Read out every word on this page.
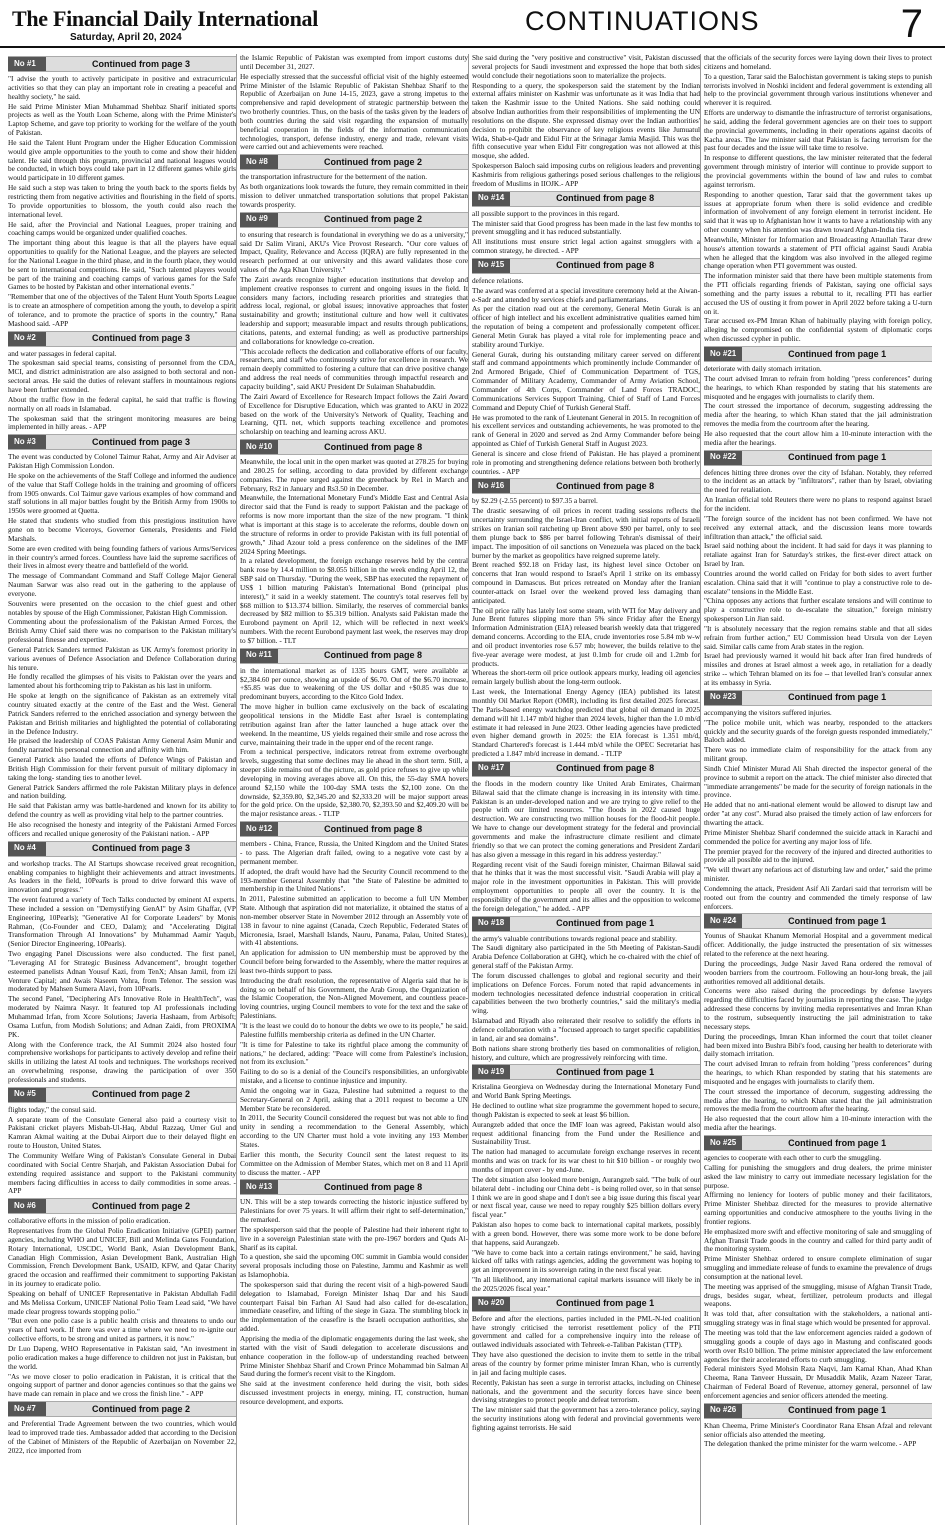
The Financial Daily International
Saturday, April 20, 2024
CONTINUATIONS	7
No #1	Continued from page 3

"I advise the youth to actively participate in positive and extracurricular activities so that they can play an important role in creating a peaceful and healthy society," he said.

He said Prime Minister Mian Muhammad Shehbaz Sharif initiated sports projects as well as the Youth Loan Scheme, along with the Prime Minister's Laptop Scheme, and gave top priority to working for the welfare of the youth of Pakistan.

He said the Talent Hunt Program under the Higher Education Commission would give ample opportunities to the youth to come and show their hidden talent. He said through this program, provincial and national leagues would be conducted, in which boys could take part in 12 different games while girls would participate in 10 different games.

He said such a step was taken to bring the youth back to the sports fields by restricting them from negative activities and flourishing in the field of sports. To provide opportunities to blossom, the youth could also reach the international level.

He said, after the Provincial and National Leagues, proper training and coaching camps would be organized under qualified coaches.

The important thing about this league is that all the players have equal opportunities to qualify for the National League, and the players are selected for the National League in the third phase, and in the fourth place, they would be sent to international competitions. He said, "Such talented players would be part of the training and coaching camps of various games for the Safe Games to be hosted by Pakistan and other international events."

"Remember that one of the objectives of the Talent Hunt Youth Sports League is to create an atmosphere of competition among the youth, to develop a spirit of tolerance, and to promote the practice of sports in the country," Rana Mashood said. -APP

No #2	Continued from page 3

and water passages in federal capital.

The spokesman said special teams, consisting of personnel from the CDA, MCI, and district administration are also assigned to both sectoral and non-sectoral areas. He said the duties of relevant staffers in mountainous regions have been further extended.

About the traffic flow in the federal capital, he said that traffic is flowing normally on all roads in Islamabad.

The spokesman said that the stringent monitoring measures are being implemented in hilly areas. - APP

No #3	Continued from page 3

The event was conducted by Colonel Taimur Rahat, Army and Air Adviser at Pakistan High Commission London.

He spoke on the achievements of the Staff College and informed the audience of the value that Staff College holds in the training and grooming of officers from 1905 onwards. Col Taimur gave various examples of how command and staff solutions in all major battles fought by the British Army from 1900s to 1950s were groomed at Quetta.

He stated that students who studied from this prestigious institution have gone on to become Viceroys, Governor Generals, Presidents and Field Marshals.

Some are even credited with being founding fathers of various Arms/Services in their country's armed forces. Countless have laid the supreme sacrifices of their lives in almost every theatre and battlefield of the world.

The message of Commandant Command and Staff College Major General Nauman Sarwar was also read out in the gathering to the applause of everyone.

Souvenirs were presented on the occasion to the chief guest and other notables by spouse of the High Commissioner, Pakistan High Commission.

Commenting about the professionalism of the Pakistan Armed Forces, the British Army Chief said there was no comparison to the Pakistan military's professional finesse and expertise.

General Patrick Sanders termed Pakistan as UK Army's foremost priority in various avenues of Defence Association and Defence Collaboration during his tenure.

He fondly recalled the glimpses of his visits to Pakistan over the years and lamented about his forthcoming trip to Pakistan as his last in uniform.

He spoke at length on the significance of Pakistan as an extremely vital country situated exactly at the centre of the East and the West. General Patrick Sanders referred to the enriched association and synergy between the Pakistan and British militaries and highlighted the potential of collaborating in the Defence Industry.

He praised the leadership of COAS Pakistan Army General Asim Munir and fondly narrated his personal connection and affinity with him.

General Patrick also lauded the efforts of Defence Wings of Pakistan and British High Commission for their fervent pursuit of military diplomacy in taking the long- standing ties to another level.

General Patrick Sanders affirmed the role Pakistan Military plays in defence and nation building.

He said that Pakistan army was battle-hardened and known for its ability to defend the country as well as providing vital help to the partner countries.

He also recognised the honesty and integrity of the Pakistani Armed Forces officers and recalled unique generosity of the Pakistani nation. - APP

No #4	Continued from page 3

and workshop tracks. The AI Startups showcase received great recognition, enabling companies to highlight their achievements and attract investments. As leaders in the field, 10Pearls is proud to drive forward this wave of innovation and progress."

The event featured a variety of Tech Talks conducted by eminent AI experts. These included a session on "Demystifying GenAI" by Asim Ghaffar, (VP Engineering, 10Pearls); "Generative AI for Corporate Leaders" by Monis Rahman, (Co-Founder and CEO, Dalam); and "Accelerating Digital Transformation Through AI Innovations" by Muhammad Aamir Yaqub, (Senior Director Engineering, 10Pearls).

Two engaging Panel Discussions were also conducted. The first panel, "Leveraging AI for Strategic Business Advancement", brought together esteemed panelists Adnan Yousuf Kazi, from TenX; Ahsan Jamil, from i2i Venture Capital; and Awais Naseem Vohra, from Telenor. The session was moderated by Mahsen Sumera Alavi, from 10Pearls.

The second Panel, "Deciphering AI's Innovative Role in HealthTech", was moderated by Naimra Nasyr. It featured top AI professionals including Muhammad Irfan, from Xcore Solutions; Javeria Hashaam, from Arbisoft; Osama Lutfun, from Modish Solutions; and Adnan Zaidi, from PROXIMA PK.

Along with the Conference track, the AI Summit 2024 also hosted four comprehensive workshops for participants to actively develop and refine their skills in utilizing the latest AI tools and techniques. The workshops received an overwhelming response, drawing the participation of over 350 professionals and students.

No #5	Continued from page 2

flights today," the consul said.

A separate team of the Consulate General also paid a courtesy visit to Pakistani cricket players Misbah-Ul-Haq, Abdul Razzaq, Umer Gul and Kamran Akmal waiting at the Dubai Airport due to their delayed flight en route to Houston, United States.

The Community Welfare Wing of Pakistan's Consulate General in Dubai coordinated with Social Centre Sharjah, and Pakistan Association Dubai for extending required assistance and support to the Pakistani community members facing difficulties in access to daily commodities in some areas. - APP

No #6	Continued from page 2

collaborative efforts in the mission of polio eradication.

Representatives from the Global Polio Eradication Initiative (GPEI) partner agencies, including WHO and UNICEF, Bill and Melinda Gates Foundation, Rotary International, USCDC, World Bank, Asian Development Bank, Canadian High Commission, Asian Development Bank, Australian High Commission, French Development Bank, USAID, KFW, and Qatar Charity graced the occasion and reaffirmed their commitment to supporting Pakistan in its journey to eradicate polio.

Speaking on behalf of UNICEF Representative in Pakistan Abdullah Fadil and Ms Melissa Corkum, UNICEF National Polio Team Lead said, "We have made clear progress towards stopping polio."

"But even one polio case is a public health crisis and threatens to undo our years of hard work. If there was ever a time where we need to re-ignite our collective efforts, to be strong and united as partners, it is now."

Dr Luo Dapeng, WHO Representative in Pakistan said, "An investment in polio eradication makes a huge difference to children not just in Pakistan, but the world.

"As we move closer to polio eradication in Pakistan, it is critical that the ongoing support of partner and donor agencies continues so that the gains we have made can remain in place and we cross the finish line." - APP

No #7	Continued from page 2

and Preferential Trade Agreement between the two countries, which would lead to improved trade ties. Ambassador added that according to the Decision of the Cabinet of Ministers of the Republic of Azerbaijan on November 22, 2022, rice imported from

the Islamic Republic of Pakistan was exempted from import customs duty until December 31, 2027.

He especially stressed that the successful official visit of the highly esteemed Prime Minister of the Islamic Republic of Pakistan Shehbaz Sharif to the Republic of Azerbaijan on June 14-15, 2023, gave a strong impetus to the comprehensive and rapid development of strategic partnership between the two brotherly countries. Thus, on the basis of the tasks given by the leaders of both countries during the said visit regarding the expansion of mutually beneficial cooperation in the fields of the information communication technologies, transport, defense industry, energy and trade, relevant visits were carried out and achievements were reached.

No #8	Continued from page 2

the transportation infrastructure for the betterment of the nation.

As both organizations look towards the future, they remain committed in their mission to deliver unmatched transportation solutions that propel Pakistan towards prosperity.

No #9	Continued from page 2

to ensuring that research is foundational in everything we do as a university," said Dr Salim Virani, AKU's Vice Provost Research. "Our core values of Impact, Quality, Relevance and Access (IQRA) are fully represented in the research performed at our university and this award validates those core values of the Aga Khan University."

The Zairi awards recognize higher education institutions that develop and implement creative responses to current and ongoing issues in the field. It considers many factors, including research priorities and strategies that address local, regional, or global issues; innovative approaches that foster sustainability and growth; institutional culture and how well it cultivates leadership and support; measurable impact and results through publications, citations, patents, and external funding; as well as productive partnerships and collaborations for knowledge co-creation.

"This accolade reflects the dedication and collaborative efforts of our faculty, researchers, and staff who continuously strive for excellence in research. We remain deeply committed to fostering a culture that can drive positive change and address the real needs of communities through impactful research and capacity building", said AKU President Dr Sulaiman Shahabuddin.

The Zairi Award of Excellence for Research Impact follows the Zairi Award of Excellence for Disruptive Education, which was granted to AKU in 2022 based on the work of the University's Network of Quality, Teaching and Learning, QTL net, which supports teaching excellence and promotes scholarship on teaching and learning across AKU.

No #10	Continued from page 8

Meanwhile, the local unit in the open market was quoted at 278.25 for buying and 280.25 for selling, according to data provided by different exchange companies. The rupee surged against the greenback by Re1 in March and February, Rs2 in January and Rs3.50 in December.

Meanwhile, the International Monetary Fund's Middle East and Central Asia director said that the Fund is ready to support Pakistan and the package of reforms is now more important than the size of the new program. "I think what is important at this stage is to accelerate the reforms, double down on the structure of reforms in order to provide Pakistan with its full potential of growth," Jihad Azour told a press conference on the sidelines of the IMF 2024 Spring Meetings.

In a related development, the foreign exchange reserves held by the central bank rose by 14.4 million to $8.055 billion in the week ending April 12, the SBP said on Thursday. "During the week, SBP has executed the repayment of US$ 1 billion maturing Pakistan's International Bond (principal plus interest)," it said in a weekly statement. The country's total reserves fell by $68 million to $13.374 billion. Similarly, the reserves of commercial banks decreased by $82 million to $5.319 billion. Analysts said Pakistan made the Eurobond payment on April 12, which will be reflected in next week's numbers. With the recent Eurobond payment last week, the reserves may drop to $7 billion. - TLT

No #11	Continued from page 8

in the international market as of 1335 hours GMT, were available at $2,384.60 per ounce, showing an upside of $6.70. Out of the $6.70 increase, +$5.85 was due to weakening of the US dollar and +$0.85 was due to predominant buyers, according to the Kitco Gold Index.

The move higher in bullion came exclusively on the back of escalating geopolitical tensions in the Middle East after Israel is contemplating retribution against Iran after the latter launched a huge attack over the weekend. In the meantime, US yields regained their smile and rose across the curve, maintaining their trade in the upper end of the recent range.

From a technical perspective, indicators retreat from extreme overbought levels, suggesting that some declines may lie ahead in the short term. Still, a steeper slide remains out of the picture, as gold price refuses to give up while developing in moving averages above all. On this, the 55-day SMA hovers around $2,150 while the 100-day SMA tests the $2,100 zone. On the downside, $2,359.80, $2,345.20 and $2,333.20 will be major support areas for the gold price. On the upside, $2,380.70, $2,393.50 and $2,409.20 will be the major resistance areas. - TLTP

No #12	Continued from page 8

members - China, France, Russia, the United Kingdom and the United States - to pass. The Algerian draft failed, owing to a negative vote cast by a permanent member.

If adopted, the draft would have had the Security Council recommend to the 193-member General Assembly that "the State of Palestine be admitted to membership in the United Nations".

In 2011, Palestine submitted an application to become a full UN Member State. Although that aspiration did not materialize, it obtained the status of a non-member observer State in November 2012 through an Assembly vote of 138 in favour to nine against (Canada, Czech Republic, Federated States of Micronesia, Israel, Marshall Islands, Nauru, Panama, Palau, United States), with 41 abstentions.

An application for admission to UN membership must be approved by the Council before being forwarded to the Assembly, where the matter requires at least two-thirds support to pass.

Introducing the draft resolution, the representative of Algeria said that he is doing so on behalf of his Government, the Arab Group, the Organization of the Islamic Cooperation, the Non-Aligned Movement, and countless peace-loving countries, urging Council members to vote for the text and the sake of Palestinians.

"It is the least we could do to honour the debts we owe to its people," he said. Palestine fulfills membership criteria as defined in the UN Charter.

"It is time for Palestine to take its rightful place among the community of nations," he declared, adding: "Peace will come from Palestine's inclusion, not from its exclusion."

Failing to do so is a denial of the Council's responsibilities, an unforgivable mistake, and a license to continue injustice and impunity.

Amid the ongoing war in Gaza, Palestine had submitted a request to the Secretary-General on 2 April, asking that a 2011 request to become a UN Member State be reconsidered.

In 2011, the Security Council considered the request but was not able to find unity in sending a recommendation to the General Assembly, which according to the UN Charter must hold a vote inviting any 193 Member States.

Earlier this month, the Security Council sent the latest request to its Committee on the Admission of Member States, which met on 8 and 11 April to discuss the matter. - APP

No #13	Continued from page 8

UN. This will be a step towards correcting the historic injustice suffered by Palestinians for over 75 years. It will affirm their right to self-determination," the remarked.

The spokesperson said that the people of Palestine had their inherent right to live in a sovereign Palestinian state with the pre-1967 borders and Quds Al-Sharif as its capital.

To a question, she said the upcoming OIC summit in Gambia would consider several proposals including those on Palestine, Jammu and Kashmir as well as Islamophobia.

The spokesperson said that during the recent visit of a high-powered Saudi delegation to Islamabad, Foreign Minister Ishaq Dar and his Saudi counterpart Faisal bin Farhan Al Saud had also called for de-escalation, immediate ceasefire, and lifting of the siege in Gaza. The stumbling block in the implementation of the ceasefire is the Israeli occupation authorities, she added.

Apprising the media of the diplomatic engagements during the last week, she started with the visit of Saudi delegation to accelerate discussions and enhance cooperation in the follow-up of understanding reached between Prime Minister Shehbaz Sharif and Crown Prince Mohammad bin Salman Al Saud during the former's recent visit to the Kingdom.

She said at the investment conference held during the visit, both sides discussed investment projects in energy, mining, IT, construction, human resource development, and exports.

She said during the "very positive and constructive" visit, Pakistan discussed several projects for Saudi investment and expressed the hope that both sides would conclude their negotiations soon to materialize the projects.

Responding to a query, the spokesperson said the statement by the Indian external affairs minister on Kashmir was unfortunate as it was India that had taken the Kashmir issue to the United Nations. She said nothing could absolve Indian authorities from their responsibilities of implementing the UN resolutions on the dispute. She expressed dismay over the Indian authorities' decision to prohibit the observance of key religious events like Jumuatul Wida, Shab-e-Qadr and Eidul Fitr at the Srinagar Jamia Masjid. This was the fifth consecutive year when Eidul Fitr congregation was not allowed at this mosque, she added.

Spokesperson Baloch said imposing curbs on religious leaders and preventing Kashmiris from religious gatherings posed serious challenges to the religious freedom of Muslims in IIOJK.- APP

No #14	Continued from page 8

all possible support to the provinces in this regard.

The minister said that Good progress has been made in the last few months to prevent smuggling and it has reduced substantially.

All institutions must ensure strict legal action against smugglers with a common strategy, he directed. - APP

No #15	Continued from page 8

defence relations.

The award was conferred at a special investiture ceremony held at the Aiwan-e-Sadr and attended by services chiefs and parliamentarians.

As per the citation read out at the ceremony, General Metin Gurak is an officer of high intellect and his excellent administrative qualities earned him the reputation of being a competent and professionally competent officer. General Metin Gurak has played a vital role for implementing peace and stability around Turkiye.

General Gurak, during his outstanding military career served on different staff and command appointments which prominently include Commander of 2nd Armored Brigade, Chief of Communication Department of TGS, Commander of Military Academy, Commander of Army Aviation School, Commander of 4th Corps, Commander of Land Forces TRADOC, Communications Services Support Training, Chief of Staff of Land Forces Command and Deputy Chief of Turkish General Staff.

He was promoted to the rank of Lieutenant General in 2015. In recognition of his excellent services and outstanding achievements, he was promoted to the rank of General in 2020 and served as 2nd Army Commander before being appointed as Chief of Turkish General Staff in August 2023.

General is sincere and close friend of Pakistan. He has played a prominent role in promoting and strengthening defence relations between both brotherly countries. - APP

No #16	Continued from page 8

by $2.29 (-2.55 percent) to $97.35 a barrel.

The drastic seesawing of oil prices in recent trading sessions reflects the uncertainty surrounding the Israel-Iran conflict, with initial reports of Israeli strikes on Iranian soil ratcheting up Brent above $90 per barrel, only to see them plunge back to $86 per barrel following Tehran's dismissal of their impact. The imposition of oil sanctions on Venezuela was placed on the back burner by the market as geopolitics have reigned supreme lately.

Brent reached $92.18 on Friday last, its highest level since October on concerns that Iran would respond to Israel's April 1 strike on its embassy compound in Damascus. But prices retreated on Monday after the Iranian counter-attack on Israel over the weekend proved less damaging than anticipated.

The oil price rally has lately lost some steam, with WTI for May delivery and June Brent futures slipping more than 5% since Friday after the Energy Information Administration (EIA) released bearish weekly data that triggered demand concerns. According to the EIA, crude inventories rose 5.84 mb w-w and oil product inventories rose 6.57 mb; however, the builds relative to the five-year average were modest, at just 0.1mb for crude oil and 1.2mb for products.

Whereas the short-term oil price outlook appears murky, leading oil agencies remain largely bullish about the long-term outlook.

Last week, the International Energy Agency (IEA) published its latest monthly Oil Market Report (OMR), including its first detailed 2025 forecast. The Paris-based energy watchdog predicted that global oil demand in 2025 demand will hit 1.147 mb/d higher than 2024 levels, higher than the 1.0 mb/d estimate it had released in June 2023. Other leading agencies have predicted even higher demand growth in 2025: the EIA forecast is 1.351 mb/d, Standard Chartered's forecast is 1.444 mb/d while the OPEC Secretariat has predicted a 1.847 mb/d increase in demand. - TLTP

No #17	Continued from page 8

the floods in the modern country like United Arab Emirates, Chairman Bilawal said that the climate change is increasing in its intensity with time. Pakistan is an under-developed nation and we are trying to give relief to the people with our limited resources. "The floods in 2022 caused huge destruction. We are constructing two million houses for the flood-hit people. We have to change our development strategy for the federal and provincial governments and make the infrastructure climate resilient and climate friendly so that we can protect the coming generations and President Zardari has also given a message in this regard in his address yesterday."

Regarding recent visit of the Saudi foreign minister, Chairman Bilawal said that he thinks that it was the most successful visit. "Saudi Arabia will play a major role in the investment opportunities in Pakistan. This will provide employment opportunities to people all over the country. It is the responsibility of the government and its allies and the opposition to welcome the foreign delegation," he added. - APP

No #18	Continued from page 1

the army's valuable contributions towards regional peace and stability.

The Saudi dignitary also participated in the 5th Meeting of Pakistan-Saudi Arabia Defence Collaboration at GHQ, which he co-chaired with the chief of general staff of the Pakistan Army.

The forum discussed challenges to global and regional security and their implications on Defence Forces. Forum noted that rapid advancements in modern technologies necessitated defence industrial cooperation in critical capabilities between the two brotherly countries," said the military's media wing.

Islamabad and Riyadh also reiterated their resolve to solidify the efforts in defence collaboration with a "focused approach to target specific capabilities in land, air and sea domains".

Both nations share strong brotherly ties based on commonalities of religion, history, and culture, which are progressively reinforcing with time.

No #19	Continued from page 1

Kristalina Georgieva on Wednesday during the International Monetary Fund and World Bank Spring Meetings.

He declined to outline what size programme the government hoped to secure, though Pakistan is expected to seek at least $6 billion.

Aurangzeb added that once the IMF loan was agreed, Pakistan would also request additional financing from the Fund under the Resilience and Sustainability Trust.

The nation had managed to accumulate foreign exchange reserves in recent months and was on track for its war chest to hit $10 billion - or roughly two months of import cover - by end-June.

The debt situation also looked more benign, Aurangzeb said. "The bulk of our bilateral debt - including our China debt - is being rolled over, so in that sense I think we are in good shape and I don't see a big issue during this fiscal year or next fiscal year, cause we need to repay roughly $25 billion dollars every fiscal year."

Pakistan also hopes to come back to international capital markets, possibly with a green bond. However, there was some more work to be done before that happens, said Aurangzeb.

"We have to come back into a certain ratings environment," he said, having kicked off talks with ratings agencies, adding the government was hoping to get an improvement in its sovereign rating in the next fiscal year.

"In all likelihood, any international capital markets issuance will likely be in the 2025/2026 fiscal year."

No #20	Continued from page 1

Before and after the elections, parties included in the PML-N-led coalition have strongly criticised the terrorist resettlement policy of the PTI government and called for a comprehensive inquiry into the release of outlawed individuals associated with Tehreek-e-Taliban Pakistan (TTP).

They have also questioned the decision to invite them to settle in the tribal areas of the country by former prime minister Imran Khan, who is currently in jail and facing multiple cases.

Recently, Pakistan has seen a surge in terrorist attacks, including on Chinese nationals, and the government and the security forces have since been devising strategies to protect people and defeat terrorism.

The law minister said that the government has a zero-tolerance policy, saying the security institutions along with federal and provincial governments were fighting against terrorists. He said

that the officials of the security forces were laying down their lives to protect citizens and homeland.

To a question, Tarar said the Balochistan government is taking steps to punish terrorists involved in Noshki incident and federal government is extending all help to the provincial government through various institutions whenever and wherever it is required.

Efforts are underway to dismantle the infrastructure of terrorist organisations, he said, adding the federal government agencies are on their toes to support the provincial governments, including in their operations against dacoits of Kacha areas. The law minister said that Pakistan is facing terrorism for the past four decades and the issue will take time to resolve.

In response to different questions, the law minister reiterated that the federal government through ministry of interior will continue to provide support to the provincial governments within the bound of law and rules to combat against terrorism.

Responding to another question, Tarar said that the government takes up issues at appropriate forum when there is solid evidence and credible information of involvement of any foreign element in terrorist incident. He said that it was up to Afghanistan how it wants to have a relationship with any other country when his attention was drawn toward Afghan-India ties.

Meanwhile, Minister for Information and Broadcasting Attaullah Tarar drew house's attention towards a statement of PTI official against Saudi Arabia when he alleged that the kingdom was also involved in the alleged regime change operation when PTI government was ousted.

The information minister said that there have been multiple statements from the PTI officials regarding friends of Pakistan, saying one official says something and the party issues a rebuttal to it, recalling PTI has earlier accused the US of ousting it from power in April 2022 before taking a U-turn on it.

Tarar accused ex-PM Imran Khan of habitually playing with foreign policy, alleging he compromised on the confidential system of diplomatic corps when discussed cypher in public.

No #21	Continued from page 1

deteriorate with daily stomach irritation.

The court advised Imran to refrain from holding "press conferences" during the hearings, to which Khan responded by stating that his statements are misquoted and he engages with journalists to clarify them.

The court stressed the importance of decorum, suggesting addressing the media after the hearing, to which Khan stated that the jail administration removes the media from the courtroom after the hearing.

He also requested that the court allow him a 10-minute interaction with the media after the hearings.

No #22	Continued from page 1

defences hitting three drones over the city of Isfahan. Notably, they referred to the incident as an attack by "infiltrators", rather than by Israel, obviating the need for retaliation.

An Iranian official told Reuters there were no plans to respond against Israel for the incident.

"The foreign source of the incident has not been confirmed. We have not received any external attack, and the discussion leans more towards infiltration than attack," the official said.

Israel said nothing about the incident. It had said for days it was planning to retaliate against Iran for Saturday's strikes, the first-ever direct attack on Israel by Iran.

Countries around the world called on Friday for both sides to avert further escalation. China said that it will "continue to play a constructive role to de-escalate" tensions in the Middle East.

"China opposes any actions that further escalate tensions and will continue to play a constructive role to de-escalate the situation," foreign ministry spokesperson Lin Jian said.

"It is absolutely necessary that the region remains stable and that all sides refrain from further action," EU Commission head Ursula von der Leyen said. Similar calls came from Arab states in the region.

Israel had previously warned it would hit back after Iran fired hundreds of missiles and drones at Israel almost a week ago, in retaliation for a deadly strike -- which Tehran blamed on its foe -- that levelled Iran's consular annex at its embassy in Syria.

No #23	Continued from page 1

accompanying the visitors suffered injuries.

"The police mobile unit, which was nearby, responded to the attackers quickly and the security guards of the foreign guests responded immediately," Baloch added.

There was no immediate claim of responsibility for the attack from any militant group.

Sindh Chief Minister Murad Ali Shah directed the inspector general of the province to submit a report on the attack. The chief minister also directed that "immediate arrangements" be made for the security of foreign nationals in the province.

He added that no anti-national element would be allowed to disrupt law and order "at any cost". Murad also praised the timely action of law enforcers for thwarting the attack.

Prime Minister Shehbaz Sharif condemned the suicide attack in Karachi and commended the police for averting any major loss of life.

The premier prayed for the recovery of the injured and directed authorities to provide all possible aid to the injured.

"We will thwart any nefarious act of disturbing law and order," said the prime minister.

Condemning the attack, President Asif Ali Zardari said that terrorism will be rooted out from the country and commended the timely response of law enforcers.

No #24	Continued from page 1

Younus of Shaukat Khanum Memorial Hospital and a government medical officer. Additionally, the judge instructed the presentation of six witnesses related to the reference at the next hearing.

During the proceedings, Judge Nasir Javed Rana ordered the removal of wooden barriers from the courtroom. Following an hour-long break, the jail authorities removed all additional details.

Concerns were also raised during the proceedings by defense lawyers regarding the difficulties faced by journalists in reporting the case. The judge addressed these concerns by inviting media representatives and Imran Khan to the rostrum, subsequently instructing the jail administration to take necessary steps.

During the proceedings, Imran Khan informed the court that toilet cleaner had been mixed into Bushra Bibi's food, causing her health to deteriorate with daily stomach irritation.

The court advised Imran to refrain from holding "press conferences" during the hearings, to which Khan responded by stating that his statements are misquoted and he engages with journalists to clarify them.

The court stressed the importance of decorum, suggesting addressing the media after the hearing, to which Khan stated that the jail administration removes the media from the courtroom after the hearing.

He also requested that the court allow him a 10-minute interaction with the media after the hearings.

No #25	Continued from page 1

agencies to cooperate with each other to curb the smuggling.

Calling for punishing the smugglers and drug dealers, the prime minister asked the law ministry to carry out immediate necessary legislation for the purpose.

Affirming no leniency for looters of public money and their facilitators, Prime Minister Shehbaz directed for the measures to provide alternative earning opportunities and conducive atmosphere to the youths living in the frontier regions.

He emphasized more swift and effective monitoring of sale and smuggling of Afghan Transit Trade goods in the country and called for third party audit of the monitoring system.

Prime Minister Shehbaz ordered to ensure complete elimination of sugar smuggling and immediate release of funds to examine the prevalence of drugs consumption at the national level.

The meeting was apprised of the smuggling, misuse of Afghan Transit Trade, drugs, besides sugar, wheat, fertilizer, petroleum products and illegal weapons.

It was told that, after consultation with the stakeholders, a national anti-smuggling strategy was in final stage which would be presented for approval.

The meeting was told that the law enforcement agencies raided a godown of smuggling goods a couple of days ago in Mastung and confiscated goods worth over Rs10 billion. The prime minister appreciated the law enforcement agencies for their accelerated efforts to curb smuggling.

Federal ministers Syed Mohsin Raza Naqvi, Jam Kamal Khan, Ahad Khan Cheema, Rana Tanveer Hussain, Dr Musaddik Malik, Azam Nazeer Tarar, Chairman of Federal Board of Revenue, attorney general, personnel of law enforcement agencies and senior officers attended the meeting.

No #26	Continued from page 1

Khan Cheema, Prime Minister's Coordinator Rana Ehsan Afzal and relevant senior officials also attended the meeting.

The delegation thanked the prime minister for the warm welcome. - APP
